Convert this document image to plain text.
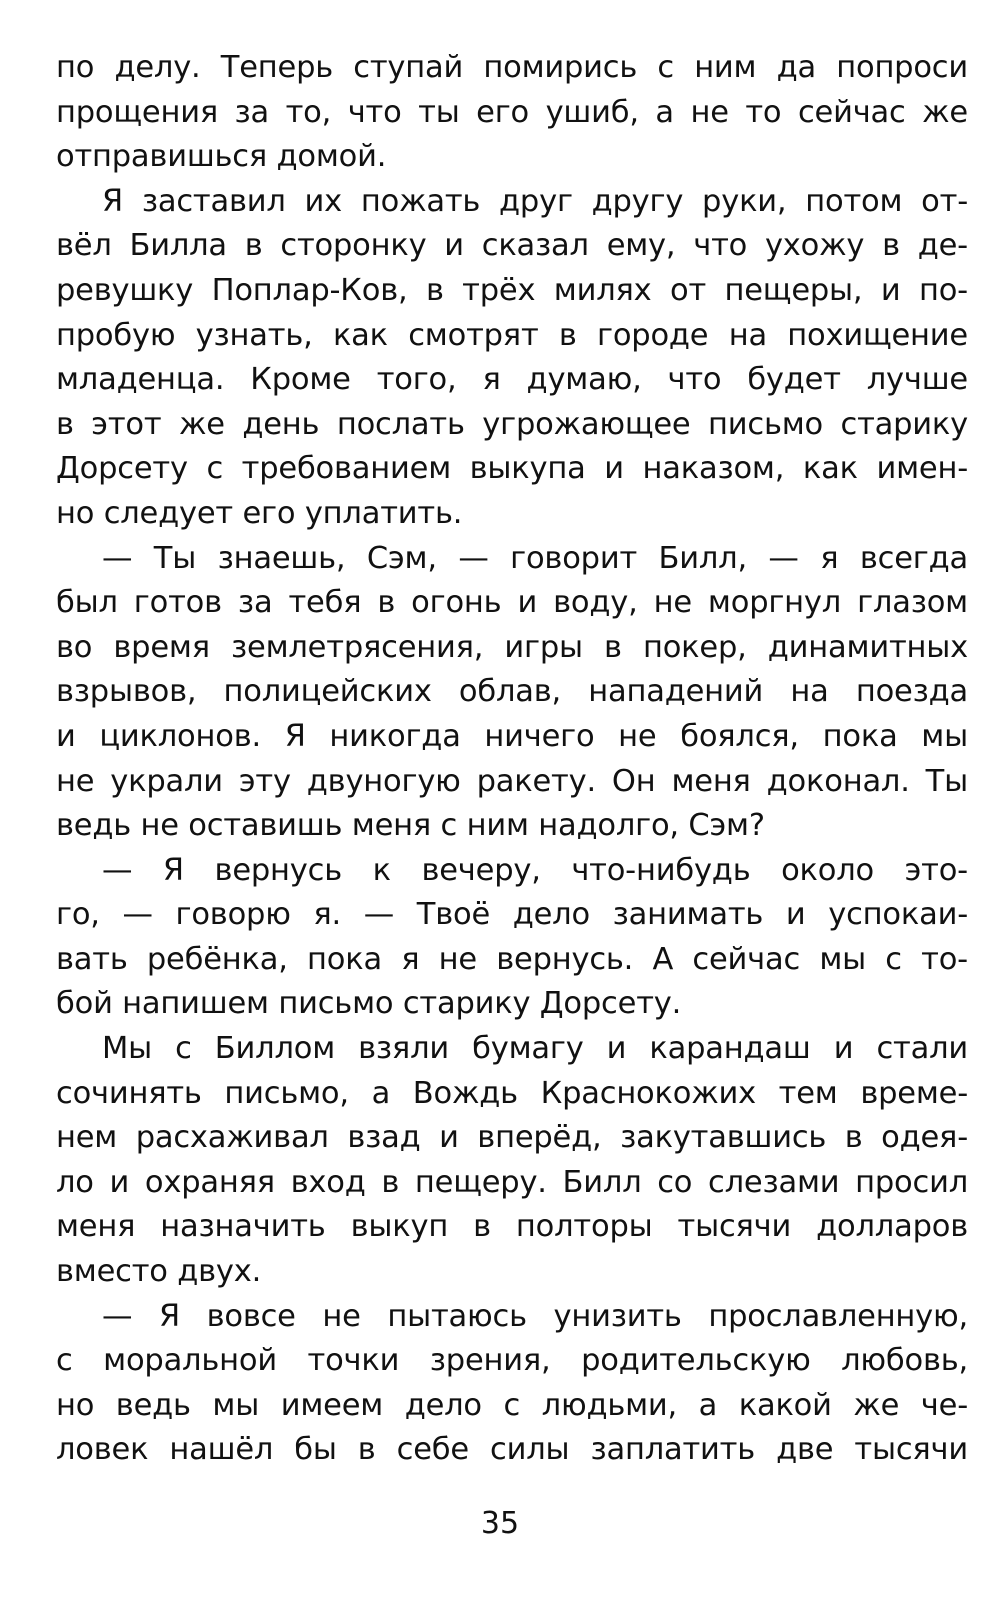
по делу. Теперь ступай помирись с ним да попроси
прощения за то, что ты его ушиб, а не то сейчас же
отправишься домой.
Я заставил их пожать друг другу руки, потом от-
вёл Билла в сторонку и сказал ему, что ухожу в де-
ревушку Поплар-Ков, в трёх милях от пещеры, и по-
пробую узнать, как смотрят в городе на похищение
младенца. Кроме того, я думаю, что будет лучше
в этот же день послать угрожающее письмо старику
Дорсету с требованием выкупа и наказом, как имен-
но следует его уплатить.
— Ты знаешь, Сэм, — говорит Билл, — я всегда
был готов за тебя в огонь и воду, не моргнул глазом
во время землетрясения, игры в покер, динамитных
взрывов, полицейских облав, нападений на поезда
и циклонов. Я никогда ничего не боялся, пока мы
не украли эту двуногую ракету. Он меня доконал. Ты
ведь не оставишь меня с ним надолго, Сэм?
— Я вернусь к вечеру, что-нибудь около это-
го, — говорю я. — Твоё дело занимать и успокаи-
вать ребёнка, пока я не вернусь. А сейчас мы с то-
бой напишем письмо старику Дорсету.
Мы с Биллом взяли бумагу и карандаш и стали
сочинять письмо, а Вождь Краснокожих тем време-
нем расхаживал взад и вперёд, закутавшись в одея-
ло и охраняя вход в пещеру. Билл со слезами просил
меня назначить выкуп в полторы тысячи долларов
вместо двух.
— Я вовсе не пытаюсь унизить прославленную,
с моральной точки зрения, родительскую любовь,
но ведь мы имеем дело с людьми, а какой же че-
ловек нашёл бы в себе силы заплатить две тысячи
35
